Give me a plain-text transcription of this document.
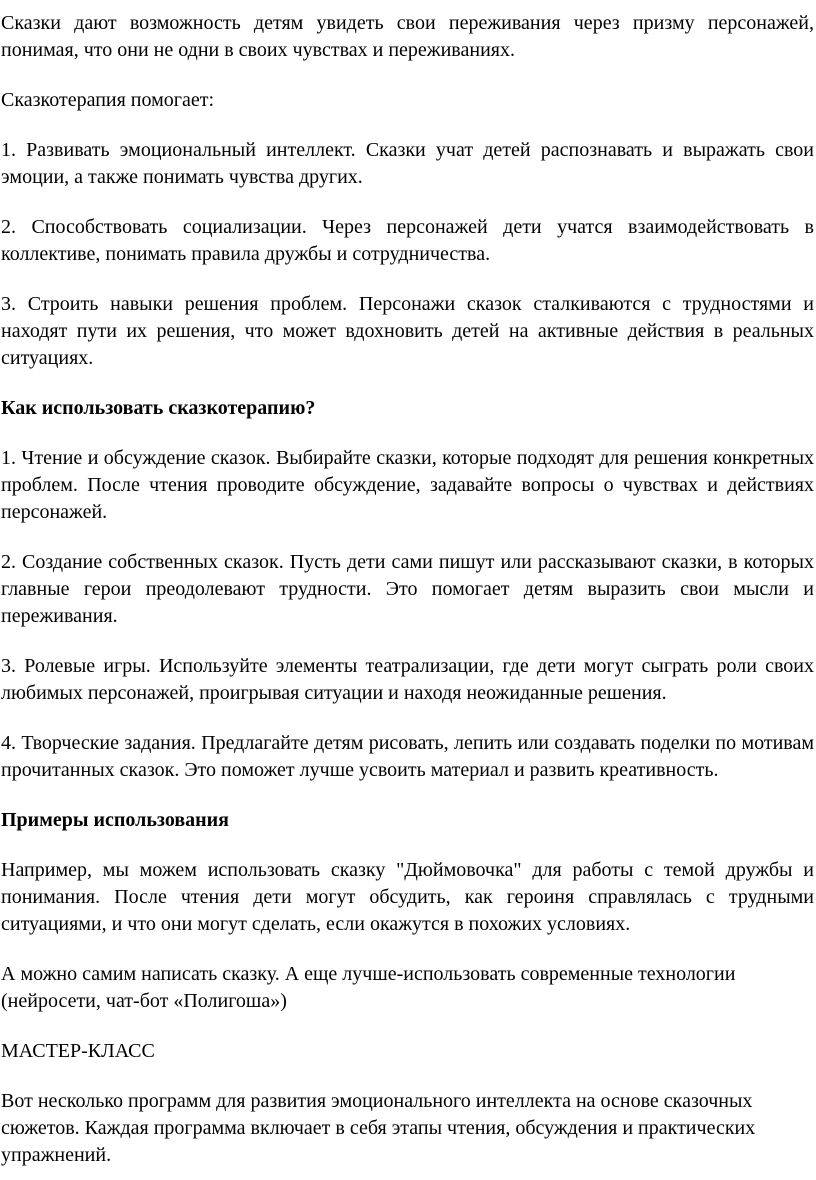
Сказки дают возможность детям увидеть свои переживания через призму персонажей, понимая, что они не одни в своих чувствах и переживаниях.

Сказкотерапия помогает:

1. Развивать эмоциональный интеллект. Сказки учат детей распознавать и выражать свои эмоции, а также понимать чувства других.

2. Способствовать социализации. Через персонажей дети учатся взаимодействовать в коллективе, понимать правила дружбы и сотрудничества.

3. Строить навыки решения проблем. Персонажи сказок сталкиваются с трудностями и находят пути их решения, что может вдохновить детей на активные действия в реальных ситуациях.

Как использовать сказкотерапию?

1. Чтение и обсуждение сказок. Выбирайте сказки, которые подходят для решения конкретных проблем. После чтения проводите обсуждение, задавайте вопросы о чувствах и действиях персонажей.

2. Создание собственных сказок. Пусть дети сами пишут или рассказывают сказки, в которых главные герои преодолевают трудности. Это помогает детям выразить свои мысли и переживания.

3. Ролевые игры. Используйте элементы театрализации, где дети могут сыграть роли своих любимых персонажей, проигрывая ситуации и находя неожиданные решения.

4. Творческие задания. Предлагайте детям рисовать, лепить или создавать поделки по мотивам прочитанных сказок. Это поможет лучше усвоить материал и развить креативность.

Примеры использования

Например, мы можем использовать сказку "Дюймовочка" для работы с темой дружбы и понимания. После чтения дети могут обсудить, как героиня справлялась с трудными ситуациями, и что они могут сделать, если окажутся в похожих условиях.

А можно самим написать сказку. А еще лучше-использовать современные технологии (нейросети, чат-бот «Полигоша»)

МАСТЕР-КЛАСС

Вот несколько программ для развития эмоционального интеллекта на основе сказочных сюжетов. Каждая программа включает в себя этапы чтения, обсуждения и практических упражнений.
